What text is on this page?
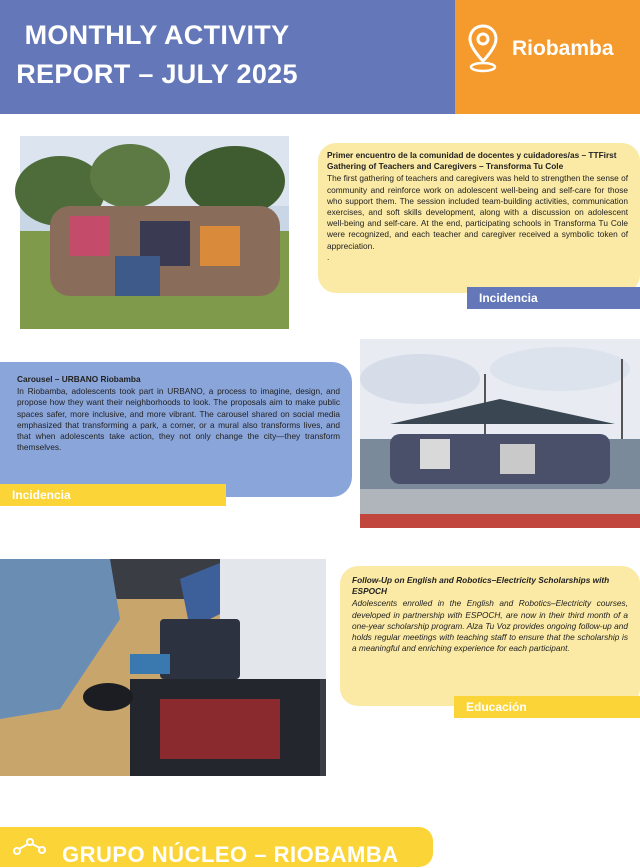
MONTHLY ACTIVITY
REPORT – JULY 2025
Riobamba
Primer encuentro de la comunidad de docentes y cuidadores/as – TTFirst Gathering of Teachers and Caregivers – Transforma Tu Cole
The first gathering of teachers and caregivers was held to strengthen the sense of community and reinforce work on adolescent well-being and self-care for those who support them. The session included team-building activities, communication exercises, and soft skills development, along with a discussion on adolescent well-being and self-care. At the end, participating schools in Transforma Tu Cole were recognized, and each teacher and caregiver received a symbolic token of appreciation.
.
Incidencia
Carousel – URBANO Riobamba
In Riobamba, adolescents took part in URBANO, a process to imagine, design, and propose how they want their neighborhoods to look. The proposals aim to make public spaces safer, more inclusive, and more vibrant. The carousel shared on social media emphasized that transforming a park, a corner, or a mural also transforms lives, and that when adolescents take action, they not only change the city—they transform themselves.
Incidencia
Follow-Up on English and Robotics–Electricity Scholarships with ESPOCH
Adolescents enrolled in the English and Robotics–Electricity courses, developed in partnership with ESPOCH, are now in their third month of a one-year scholarship program. Alza Tu Voz provides ongoing follow-up and holds regular meetings with teaching staff to ensure that the scholarship is a meaningful and enriching experience for each participant.
Educación
GRUPO NÚCLEO – RIOBAMBA
